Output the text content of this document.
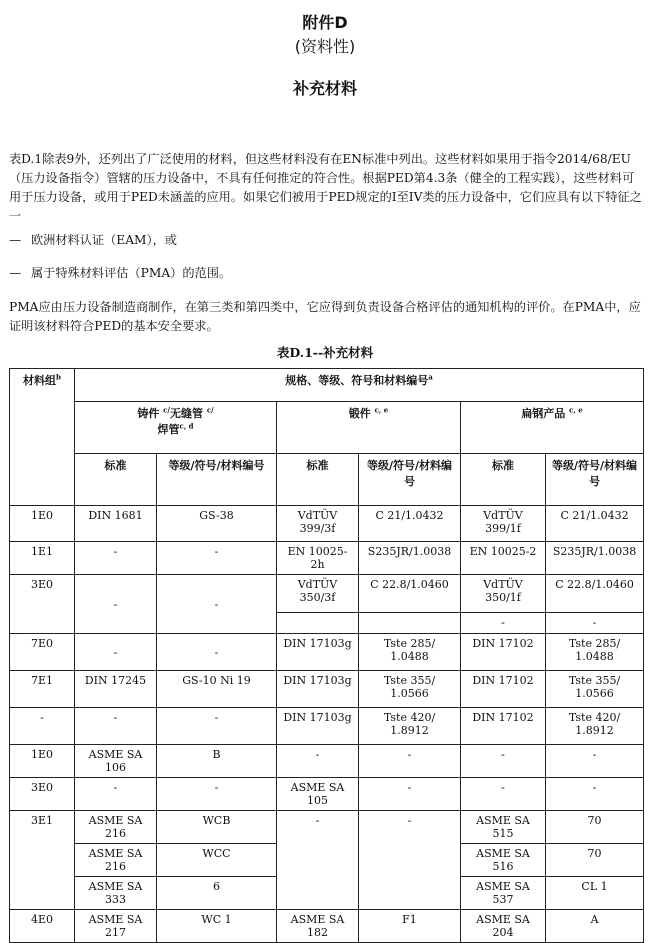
附件D
(资料性)
补充材料

表D.1除表9外，还列出了广泛使用的材料，但这些材料没有在EN标准中列出。这些材料如果用于指令2014/68/EU（压力设备指令）管辖的压力设备中，不具有任何推定的符合性。根据PED第4.3条（健全的工程实践），这些材料可用于压力设备，或用于PED未涵盖的应用。如果它们被用于PED规定的I至IV类的压力设备中，它们应具有以下特征之一

— 欧洲材料认证（EAM），或
— 属于特殊材料评估（PMA）的范围。

PMA应由压力设备制造商制作，在第三类和第四类中，它应得到负责设备合格评估的通知机构的评价。在PMA中，应证明该材料符合PED的基本安全要求。

表D.1--补充材料
材料组$^b$	规格、等级、符号和材料编号$^a$
	铸件 $^{c/}$无缝管 $^{c/}$
焊管$^{c, d}$		锻件 $^{c, e}$		扁钢产品 $^{c, e}$
	标准	等级/符号/材料编号	标准	等级/符号/材料编号	标准	等级/符号/材料编号
1E0	DIN 1681	GS-38	VdTÜV 399/3f	C 21/1.0432	VdTÜV 399/1f	C 21/1.0432
1E1	-	-	EN 10025-2h	S235JR/1.0038	EN 10025-2	S235JR/1.0038
3E0	-	-	VdTÜV 350/3f	C 22.8/1.0460	VdTÜV 350/1f	C 22.8/1.0460
					-	-
7E0	-	-	DIN 17103g	Tste 285/ 1.0488	DIN 17102	Tste 285/ 1.0488
7E1	DIN 17245	GS-10 Ni 19	DIN 17103g	Tste 355/ 1.0566	DIN 17102	Tste 355/ 1.0566
-	-	-	DIN 17103g	Tste 420/ 1.8912	DIN 17102	Tste 420/ 1.8912
1E0	ASME SA 106	B	-	-	-	-
3E0	-	-	ASME SA 105	-	-	-
3E1	ASME SA 216	WCB	-	-	ASME SA 515	70
	ASME SA 216	WCC			ASME SA 516	70
	ASME SA 333	6			ASME SA 537	CL 1
4E0	ASME SA 217	WC 1	ASME SA 182	F1	ASME SA 204	A
